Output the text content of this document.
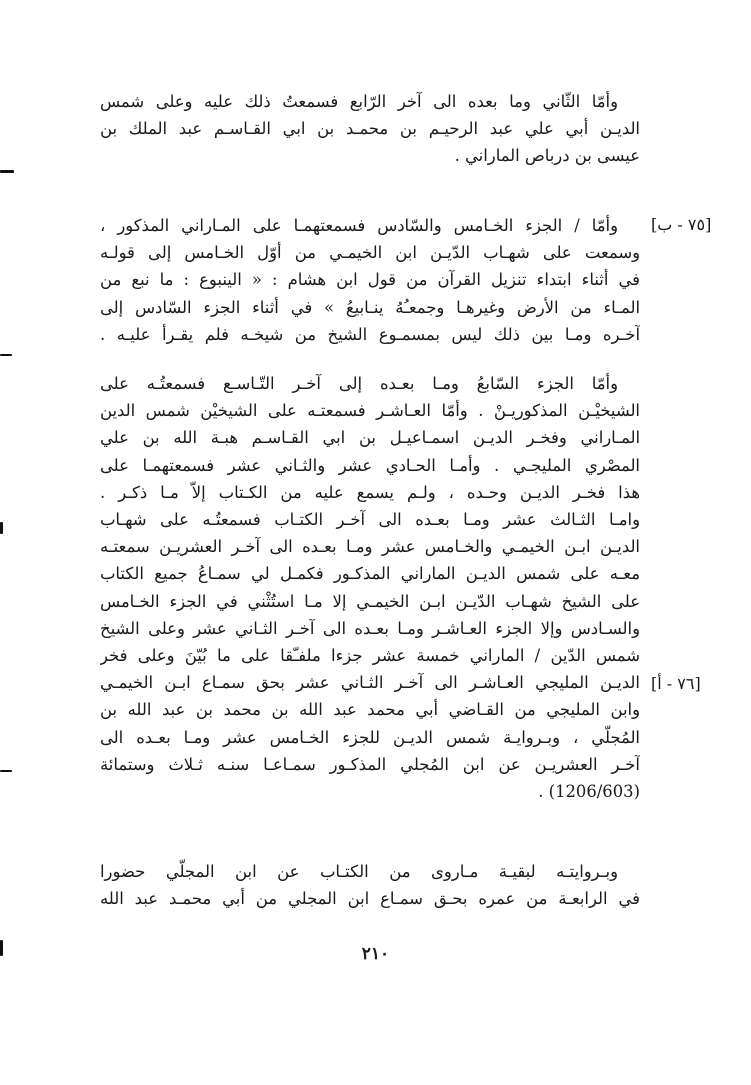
[٧٥ - ب]
[٧٦ - أ]
وأمّا الثّاني وما بعده الى آخر الرّابع فسمعتُ ذلك عليه وعلى شمس
الديـن أبي علي عبد الرحيـم بن محمـد بن ابي القـاسـم عبد الملك بن
عيسى بن درباص الماراني .
وأمّا / الجزء الخـامس والسّادس فسمعتهمـا على المـاراني المذكور ،
وسمعت على شهـاب الدّيـن ابن الخيمـي من أوّل الخـامس إلى قولـه
في أثناء ابتداء تنزيل القرآن من قول ابن هشام : « الينبوع : ما نبع من
المـاء من الأرض وغيرهـا وجمعـُهُ ينـابيعُ » في أثناء الجزء السّادس إلى
آخـره ومـا بين ذلك ليس بمسمـوع الشيخ من شيخـه فلم يقـرأ عليـه .
وأمّا الجزء السّابعُ ومـا بعـده إلى آخـر التّـاسـع فسمعتُـه على
الشيخيْـن المذكوريـنْ . وأمّا العـاشـر فسمعتـه على الشيخيْن شمس الدين
المـاراني وفخـر الديـن اسمـاعيـل بن ابي القـاسـم هبـة الله بن علي
المصْري المليجـي . وأمـا الحـادي عشر والثـاني عشر فسمعتهمـا على
هذا فخـر الديـن وحـده ، ولـم يسمع عليه من الكـتاب إلاّ مـا ذكـر .
وامـا الثـالث عشر ومـا بعـده الى آخـر الكتـاب فسمعتُـه على شهـاب
الديـن ابـن الخيمـي والخـامس عشر ومـا بعـده الى آخـر العشريـن سمعتـه
معـه على شمس الديـن الماراني المذكـور فكمـل لي سمـاعُ جميع الكتاب
على الشيخ شهـاب الدّيـن ابـن الخيمـي إلا مـا استُثْني في الجزء الخـامس
والسـادس وإلا الجزء العـاشـر ومـا بعـده الى آخـر الثـاني عشر وعلى الشيخ
شمس الدّين / الماراني خمسة عشر جزءا ملفـّقا على ما بُيّنَ وعلى فخر
الديـن المليجي العـاشـر الى آخـر الثـاني عشر بحق سمـاع ابـن الخيمـي
وابن المليجي من القـاضي أبي محمد عبد الله بن محمد بن عبد الله بن
المُجلّي ، وبـروايـة شمس الديـن للجزء الخـامس عشر ومـا بعـده الى
آخـر العشريـن عن ابن المُجلي المذكـور سمـاعـا سنـه ثـلاث وستمائة
(1206/603) .
وبـروايتـه لبقيـة مـاروى من الكتـاب عن ابن المجلّي حضورا
في الرابعـة من عمره بحـق سمـاع ابن المجلي من أبي محمـد عبد الله
٢١٠
